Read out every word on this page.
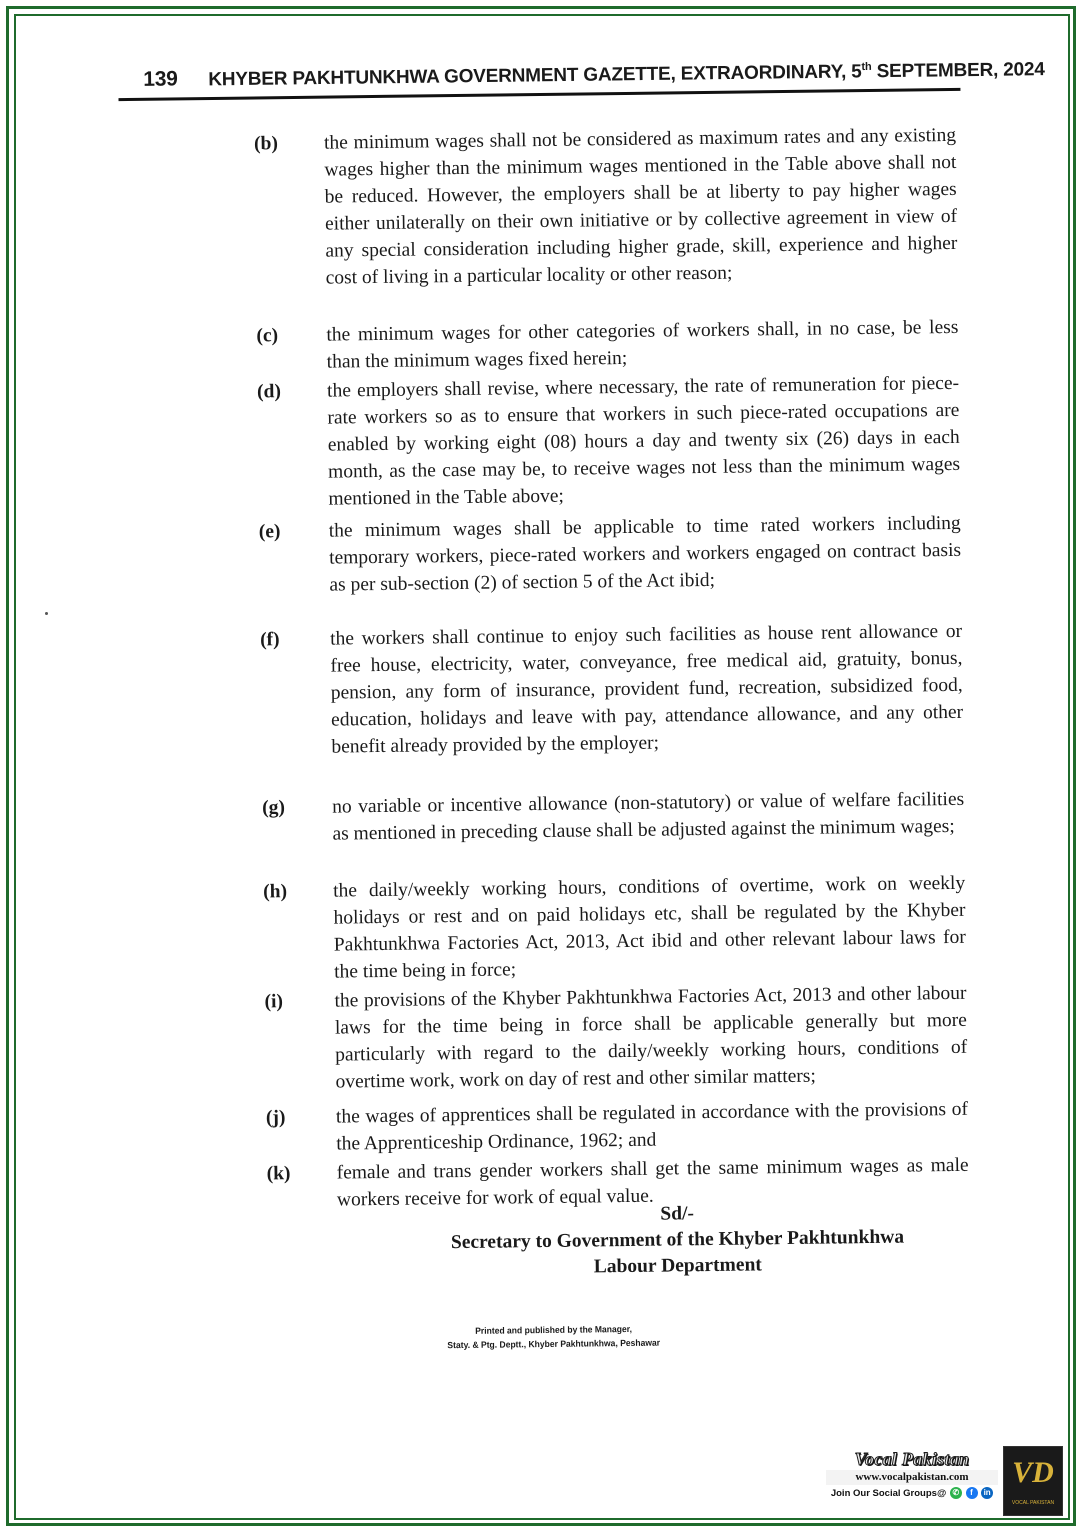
139 KHYBER PAKHTUNKHWA GOVERNMENT GAZETTE, EXTRAORDINARY, 5th SEPTEMBER, 2024
(b)	the minimum wages shall not be considered as maximum rates and any existing wages higher than the minimum wages mentioned in the Table above shall not be reduced. However, the employers shall be at liberty to pay higher wages either unilaterally on their own initiative or by collective agreement in view of any special consideration including higher grade, skill, experience and higher cost of living in a particular locality or other reason;
(c)	the minimum wages for other categories of workers shall, in no case, be less than the minimum wages fixed herein;
(d)	the employers shall revise, where necessary, the rate of remuneration for piece-rate workers so as to ensure that workers in such piece-rated occupations are enabled by working eight (08) hours a day and twenty six (26) days in each month, as the case may be, to receive wages not less than the minimum wages mentioned in the Table above;
(e)	the minimum wages shall be applicable to time rated workers including temporary workers, piece-rated workers and workers engaged on contract basis as per sub-section (2) of section 5 of the Act ibid;
(f)	the workers shall continue to enjoy such facilities as house rent allowance or free house, electricity, water, conveyance, free medical aid, gratuity, bonus, pension, any form of insurance, provident fund, recreation, subsidized food, education, holidays and leave with pay, attendance allowance, and any other benefit already provided by the employer;
(g)	no variable or incentive allowance (non-statutory) or value of welfare facilities as mentioned in preceding clause shall be adjusted against the minimum wages;
(h)	the daily/weekly working hours, conditions of overtime, work on weekly holidays or rest and on paid holidays etc, shall be regulated by the Khyber Pakhtunkhwa Factories Act, 2013, Act ibid and other relevant labour laws for the time being in force;
(i)	the provisions of the Khyber Pakhtunkhwa Factories Act, 2013 and other labour laws for the time being in force shall be applicable generally but more particularly with regard to the daily/weekly working hours, conditions of overtime work, work on day of rest and other similar matters;
(j)	the wages of apprentices shall be regulated in accordance with the provisions of the Apprenticeship Ordinance, 1962; and
(k)	female and trans gender workers shall get the same minimum wages as male workers receive for work of equal value.
Sd/-
Secretary to Government of the Khyber Pakhtunkhwa
Labour Department
Printed and published by the Manager,
Staty. & Ptg. Deptt., Khyber Pakhtunkhwa, Peshawar
Vocal Pakistan
www.vocalpakistan.com
Join Our Social Groups@ ✆ f in
VD
VOCAL PAKISTAN
